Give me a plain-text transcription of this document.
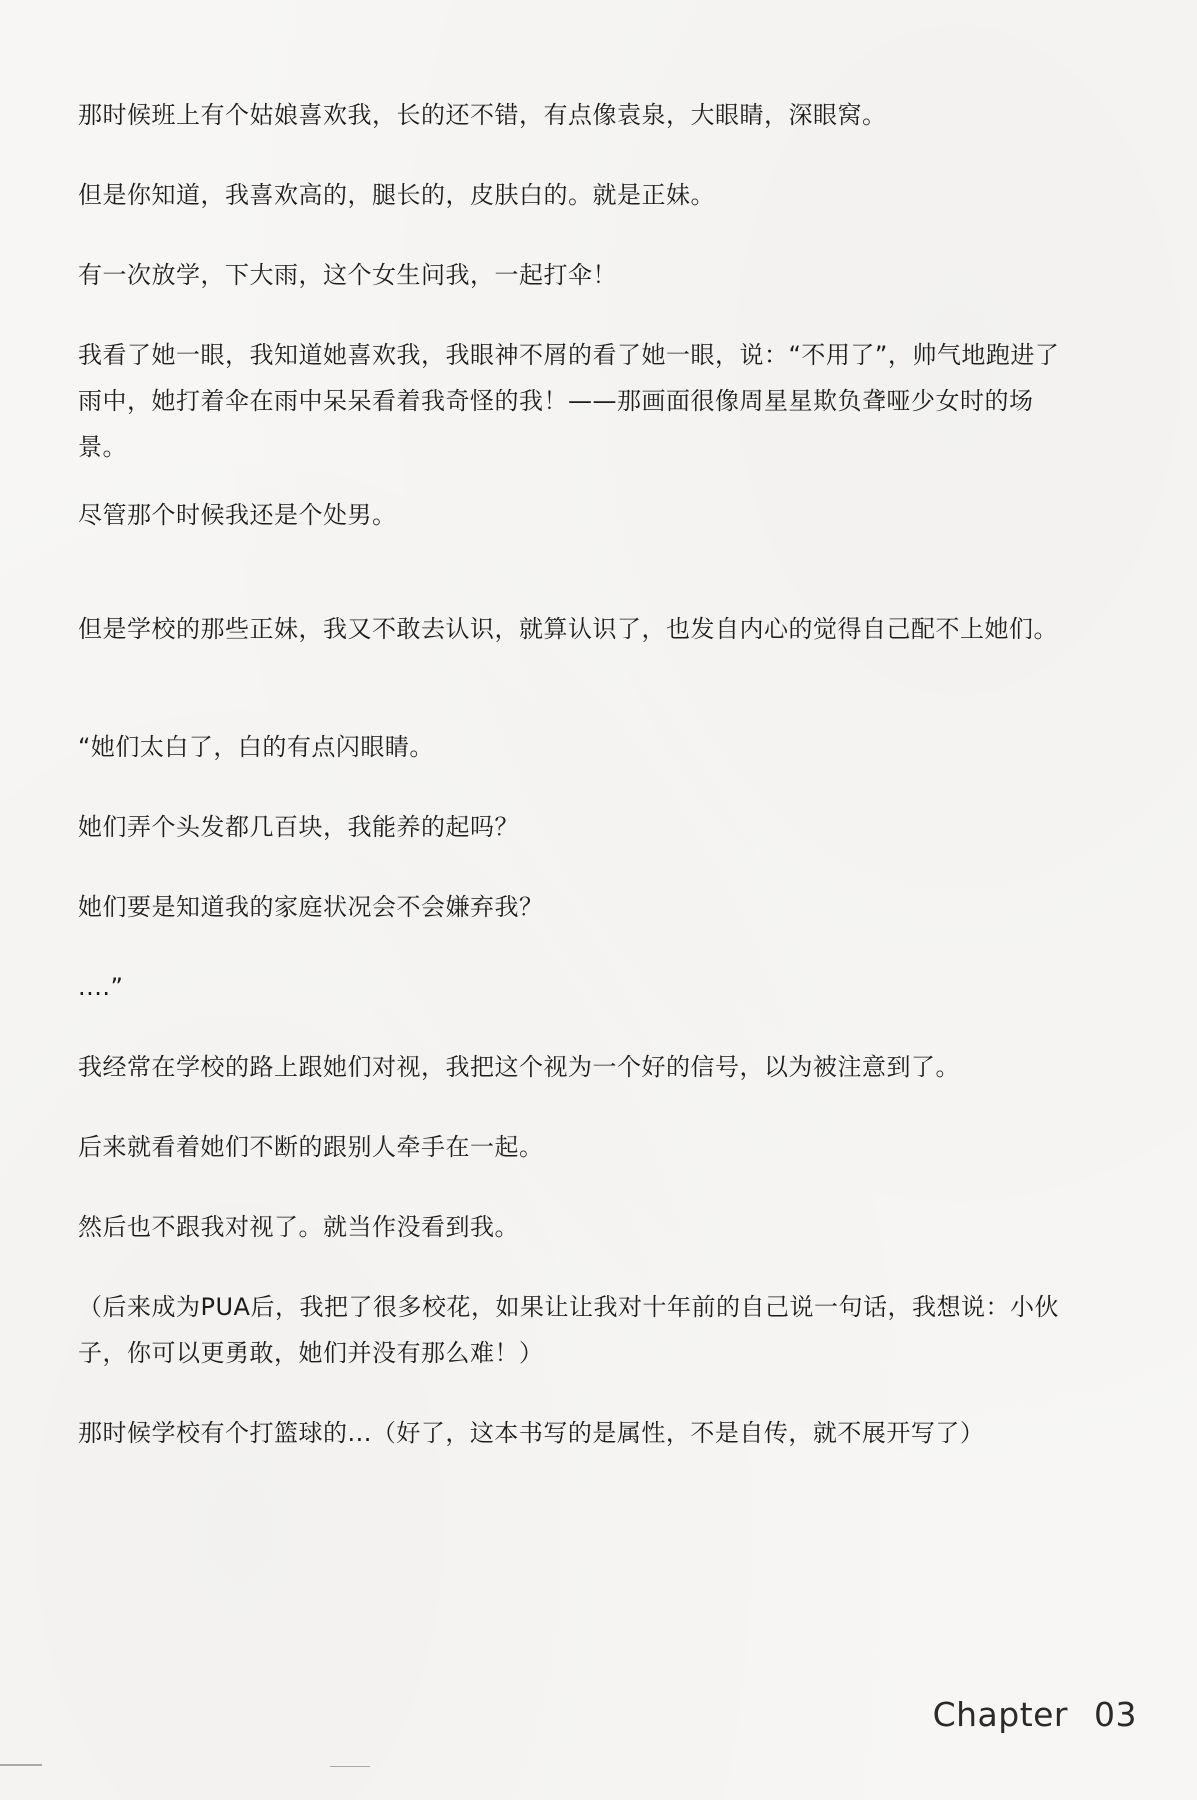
那时候班上有个姑娘喜欢我，长的还不错，有点像袁泉，大眼睛，深眼窝。
但是你知道，我喜欢高的，腿长的，皮肤白的。就是正妹。
有一次放学，下大雨，这个女生问我，一起打伞！
我看了她一眼，我知道她喜欢我，我眼神不屑的看了她一眼，说：“不用了”，帅气地跑进了雨中，她打着伞在雨中呆呆看着我奇怪的我！——那画面很像周星星欺负聋哑少女时的场景。
尽管那个时候我还是个处男。
但是学校的那些正妹，我又不敢去认识，就算认识了，也发自内心的觉得自己配不上她们。
“她们太白了，白的有点闪眼睛。
她们弄个头发都几百块，我能养的起吗？
她们要是知道我的家庭状况会不会嫌弃我？
....”
我经常在学校的路上跟她们对视，我把这个视为一个好的信号，以为被注意到了。
后来就看着她们不断的跟别人牵手在一起。
然后也不跟我对视了。就当作没看到我。
（后来成为PUA后，我把了很多校花，如果让让我对十年前的自己说一句话，我想说：小伙子，你可以更勇敢，她们并没有那么难！）
那时候学校有个打篮球的...（好了，这本书写的是属性，不是自传，就不展开写了）
Chapter 03
